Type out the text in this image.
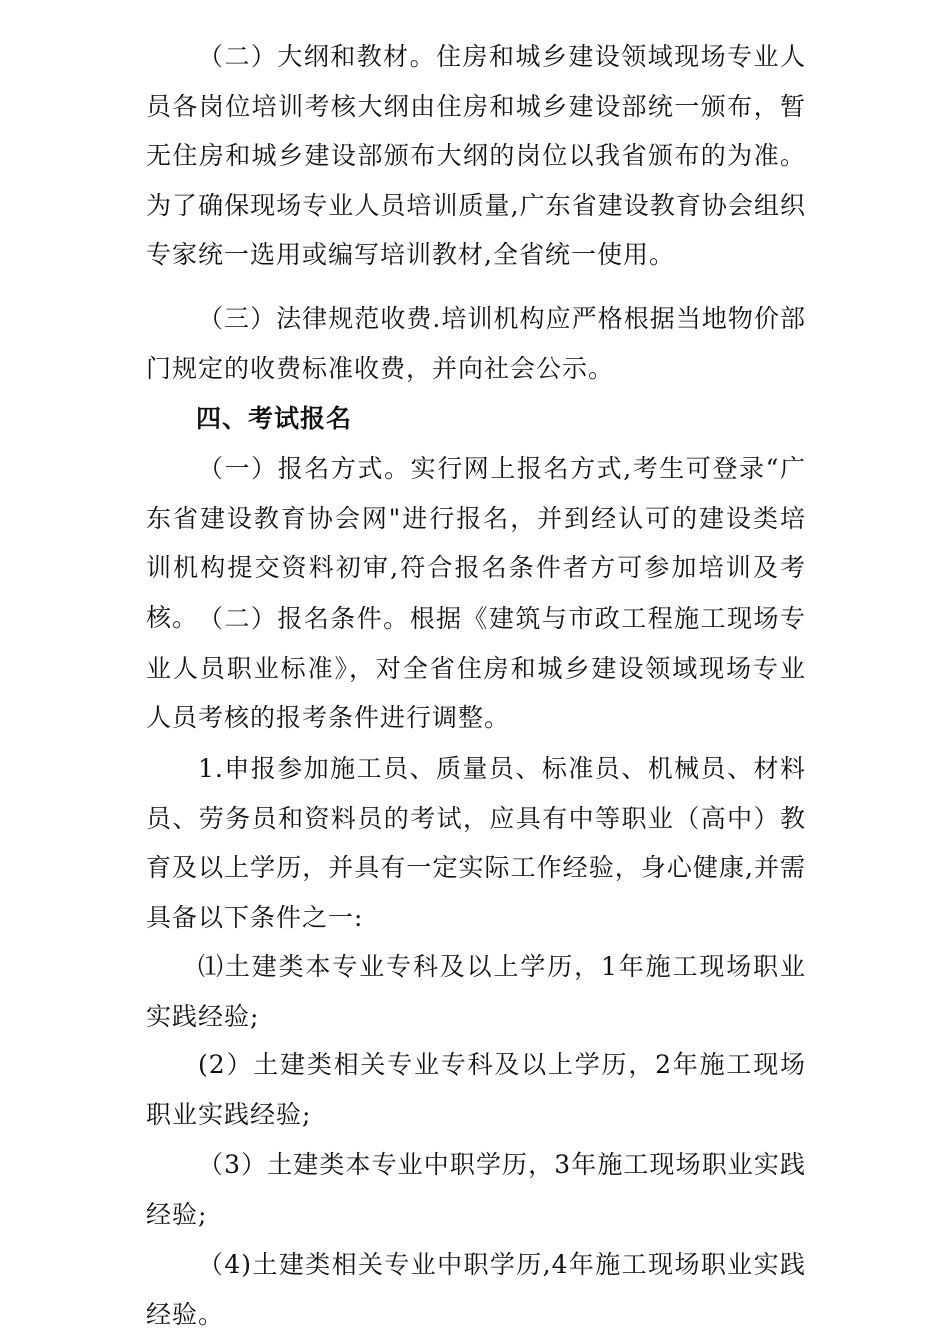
（二）大纲和教材。住房和城乡建设领域现场专业人员各岗位培训考核大纲由住房和城乡建设部统一颁布，暂无住房和城乡建设部颁布大纲的岗位以我省颁布的为准。为了确保现场专业人员培训质量,广东省建设教育协会组织专家统一选用或编写培训教材,全省统一使用。

（三）法律规范收费.培训机构应严格根据当地物价部门规定的收费标准收费，并向社会公示。

四、考试报名

（一）报名方式。实行网上报名方式,考生可登录“广东省建设教育协会网"进行报名，并到经认可的建设类培训机构提交资料初审,符合报名条件者方可参加培训及考核。 （二）报名条件。根据《建筑与市政工程施工现场专业人员职业标准》，对全省住房和城乡建设领域现场专业人员考核的报考条件进行调整。

1.申报参加施工员、质量员、标准员、机械员、材料员、劳务员和资料员的考试，应具有中等职业（高中）教育及以上学历，并具有一定实际工作经验，身心健康,并需具备以下条件之一:

⑴土建类本专业专科及以上学历，1年施工现场职业实践经验;

(2）土建类相关专业专科及以上学历，2年施工现场职业实践经验;

（3）土建类本专业中职学历，3年施工现场职业实践经验;

（4)土建类相关专业中职学历,4年施工现场职业实践经验。
